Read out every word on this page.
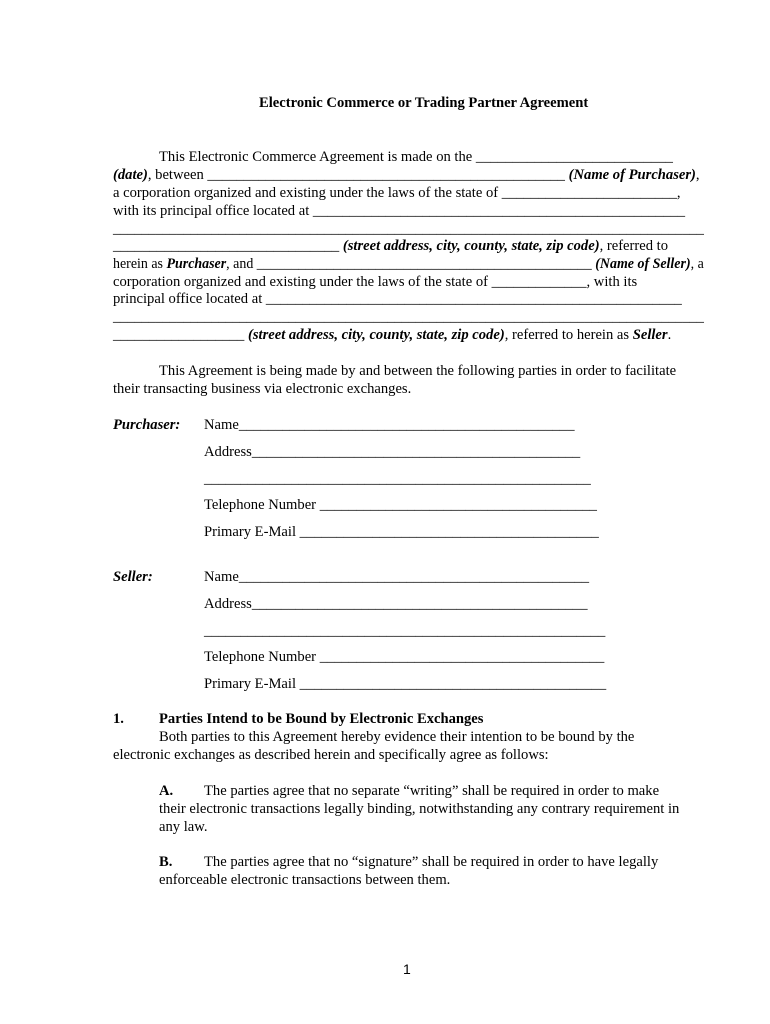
Electronic Commerce or Trading Partner Agreement
This Electronic Commerce Agreement is made on the ___________________________
(date), between _________________________________________________ (Name of Purchaser),
a corporation organized and existing under the laws of the state of ________________________,
with its principal office located at ___________________________________________________
____________________________________________________________________________________
_______________________________ (street address, city, county, state, zip code), referred to
herein as Purchaser, and ________________________________________________ (Name of Seller), a
corporation organized and existing under the laws of the state of _____________, with its
principal office located at _________________________________________________________
____________________________________________________________________________________
__________________ (street address, city, county, state, zip code), referred to herein as Seller.
This Agreement is being made by and between the following parties in order to facilitate
their transacting business via electronic exchanges.
Purchaser: Name______________________________________________
Address_____________________________________________
_____________________________________________________
Telephone Number ______________________________________
Primary E-Mail _________________________________________
Seller:	Name________________________________________________
Address______________________________________________
_______________________________________________________
Telephone Number _______________________________________
Primary E-Mail __________________________________________
1. Parties Intend to be Bound by Electronic Exchanges
Both parties to this Agreement hereby evidence their intention to be bound by the
electronic exchanges as described herein and specifically agree as follows:
A. The parties agree that no separate “writing” shall be required in order to make
their electronic transactions legally binding, notwithstanding any contrary requirement in
any law.
B. The parties agree that no “signature” shall be required in order to have legally
enforceable electronic transactions between them.
1
